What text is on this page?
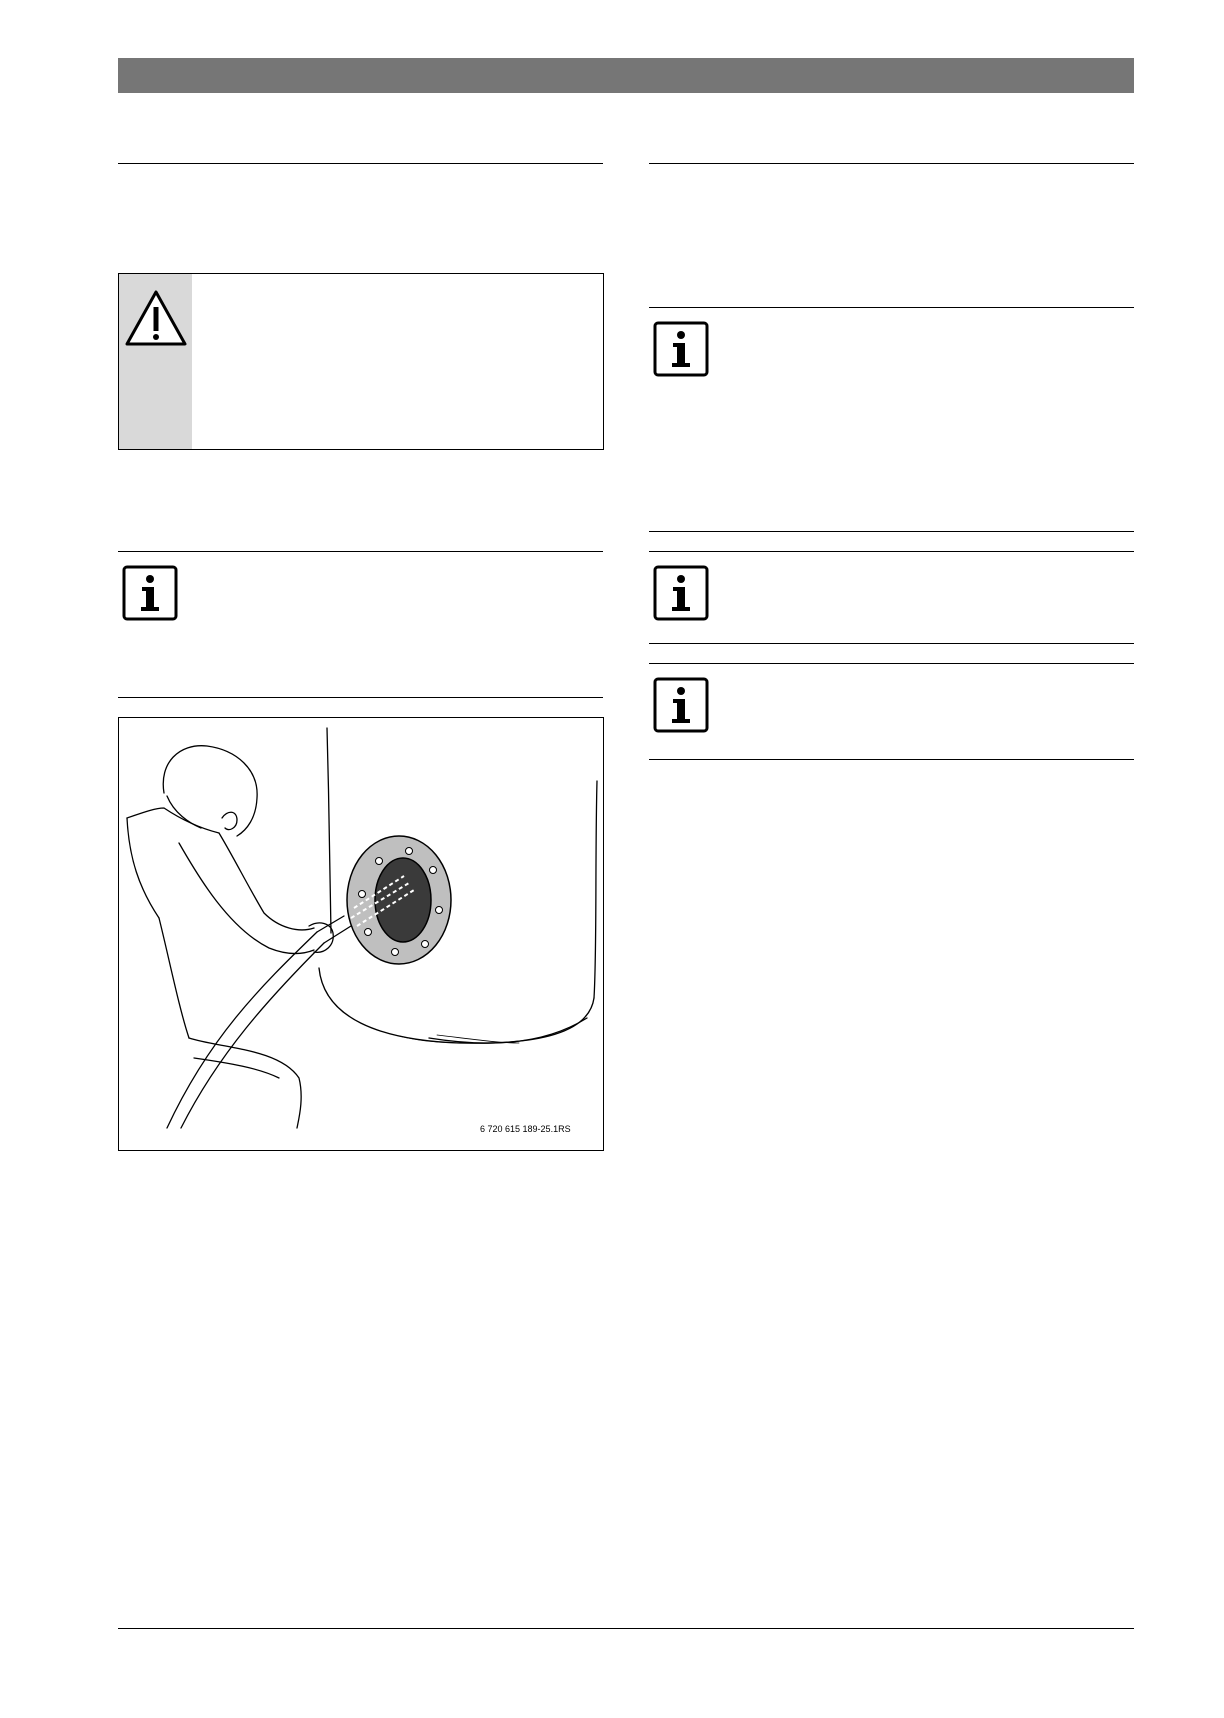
6 720 615 189-25.1RS
